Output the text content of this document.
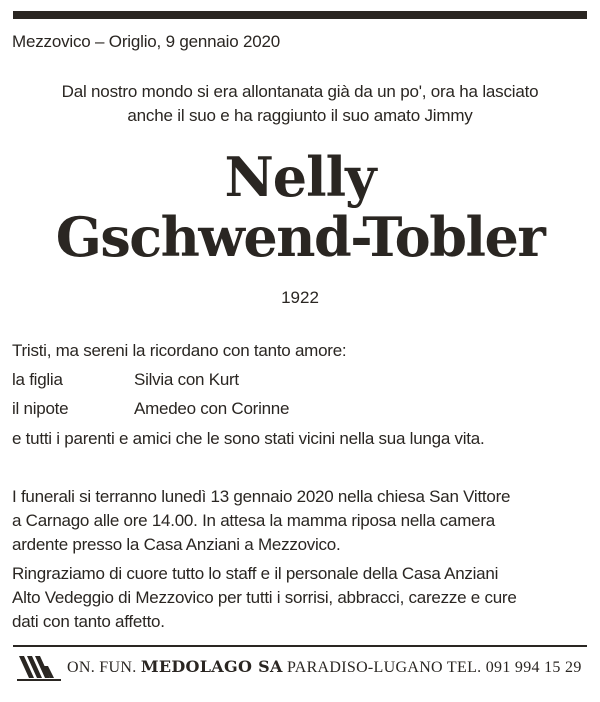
Mezzovico – Origlio, 9 gennaio 2020
Dal nostro mondo si era allontanata già da un po', ora ha lasciato
anche il suo e ha raggiunto il suo amato Jimmy
Nelly
Gschwend-Tobler
1922
Tristi, ma sereni la ricordano con tanto amore:
la figlia	Silvia con Kurt
il nipote	Amedeo con Corinne
e tutti i parenti e amici che le sono stati vicini nella sua lunga vita.
I funerali si terranno lunedì 13 gennaio 2020 nella chiesa San Vittore
a Carnago alle ore 14.00. In attesa la mamma riposa nella camera
ardente presso la Casa Anziani a Mezzovico.
Ringraziamo di cuore tutto lo staff e il personale della Casa Anziani
Alto Vedeggio di Mezzovico per tutti i sorrisi, abbracci, carezze e cure
dati con tanto affetto.
ON. FUN. MEDOLAGO SA PARADISO-LUGANO TEL. 091 994 15 29
